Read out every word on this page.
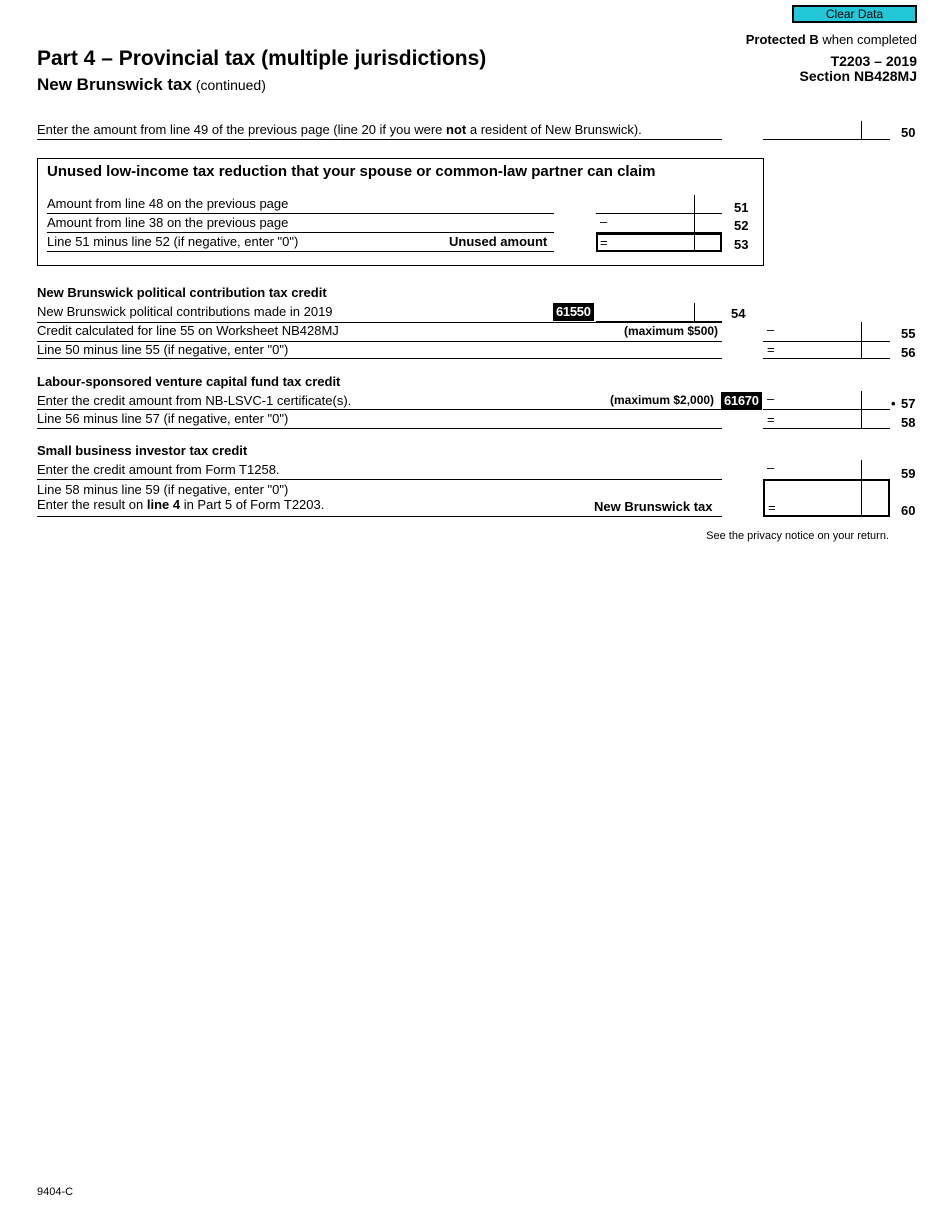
Clear Data
Protected B when completed
T2203 – 2019
Section NB428MJ
Part 4 – Provincial tax (multiple jurisdictions)
New Brunswick tax (continued)
Enter the amount from line 49 of the previous page (line 20 if you were not a resident of New Brunswick).	50
Unused low-income tax reduction that your spouse or common-law partner can claim
Amount from line 48 on the previous page	51
Amount from line 38 on the previous page	–	52
Line 51 minus line 52 (if negative, enter "0")	Unused amount	=	53
New Brunswick political contribution tax credit
New Brunswick political contributions made in 2019	61550	54
Credit calculated for line 55 on Worksheet NB428MJ	(maximum $500)	–	55
Line 50 minus line 55 (if negative, enter "0")	=	56
Labour-sponsored venture capital fund tax credit
Enter the credit amount from NB-LSVC-1 certificate(s).	(maximum $2,000) 61670 –	• 57
Line 56 minus line 57 (if negative, enter "0")	=	58
Small business investor tax credit
Enter the credit amount from Form T1258.	–	59
Line 58 minus line 59 (if negative, enter "0")
Enter the result on line 4 in Part 5 of Form T2203.	New Brunswick tax	=	60
See the privacy notice on your return.
9404-C
